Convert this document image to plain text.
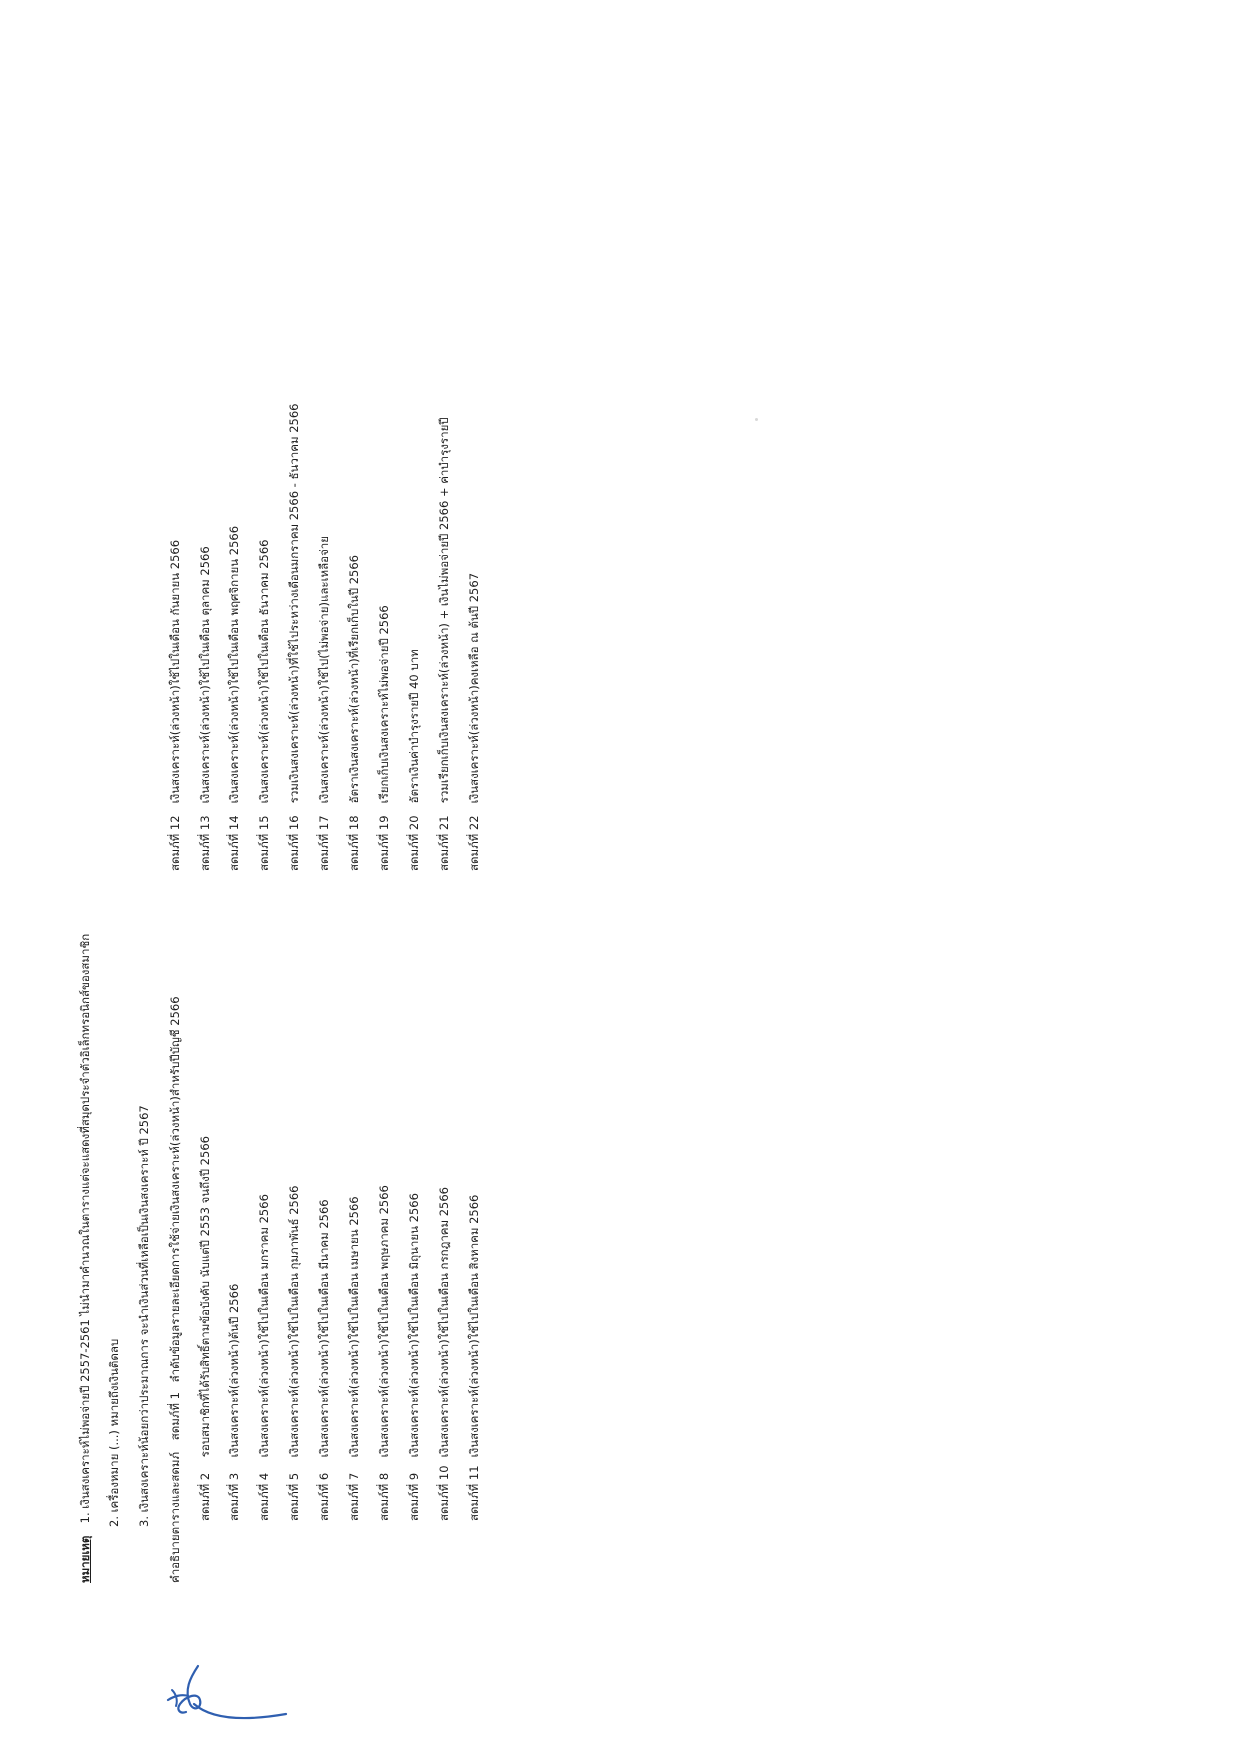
หมายเหตุ 1. เงินสงเคราะห์ไม่พอจ่ายปี 2557-2561 ไม่นำมาคำนวณในตารางแต่จะแสดงที่สมุดประจำตัวอิเล็กทรอนิกส์ของสมาชิก 2. เครื่องหมาย (...) หมายถึงเงินติดลบ 3. เงินสงเคราะห์น้อยกว่าประมาณการ จะนำเงินส่วนที่เหลือเป็นเงินสงเคราะห์ ปี 2567 คำอธิบายตารางและสดมภ์ สดมภ์ที่ 1 ลำดับข้อมูลรายละเอียดการใช้จ่ายเงินสงเคราะห์(ล่วงหน้า)สำหรับปีบัญชี 2566
สดมภ์ที่ 2 รอบสมาชิกที่ได้รับสิทธิ์ตามข้อบังคับ นับแต่ปี 2553 จนถึงปี 2566
สดมภ์ที่ 3 เงินสงเคราะห์(ล่วงหน้า)ต้นปี 2566
สดมภ์ที่ 4 เงินสงเคราะห์(ล่วงหน้า)ใช้ไปในเดือน มกราคม 2566
สดมภ์ที่ 5 เงินสงเคราะห์(ล่วงหน้า)ใช้ไปในเดือน กุมภาพันธ์ 2566
สดมภ์ที่ 6 เงินสงเคราะห์(ล่วงหน้า)ใช้ไปในเดือน มีนาคม 2566
สดมภ์ที่ 7 เงินสงเคราะห์(ล่วงหน้า)ใช้ไปในเดือน เมษายน 2566
สดมภ์ที่ 8 เงินสงเคราะห์(ล่วงหน้า)ใช้ไปในเดือน พฤษภาคม 2566
สดมภ์ที่ 9 เงินสงเคราะห์(ล่วงหน้า)ใช้ไปในเดือน มิถุนายน 2566
สดมภ์ที่ 10 เงินสงเคราะห์(ล่วงหน้า)ใช้ไปในเดือน กรกฎาคม 2566
สดมภ์ที่ 11 เงินสงเคราะห์(ล่วงหน้า)ใช้ไปในเดือน สิงหาคม 2566
สดมภ์ที่ 12 เงินสงเคราะห์(ล่วงหน้า)ใช้ไปในเดือน กันยายน 2566
สดมภ์ที่ 13 เงินสงเคราะห์(ล่วงหน้า)ใช้ไปในเดือน ตุลาคม 2566
สดมภ์ที่ 14 เงินสงเคราะห์(ล่วงหน้า)ใช้ไปในเดือน พฤศจิกายน 2566
สดมภ์ที่ 15 เงินสงเคราะห์(ล่วงหน้า)ใช้ไปในเดือน ธันวาคม 2566
สดมภ์ที่ 16 รวมเงินสงเคราะห์(ล่วงหน้า)ที่ใช้ไประหว่างเดือนมกราคม 2566 - ธันวาคม 2566
สดมภ์ที่ 17 เงินสงเคราะห์(ล่วงหน้า)ใช้ไป(ไม่พอจ่าย)และเหลือจ่าย
สดมภ์ที่ 18 อัตราเงินสงเคราะห์(ล่วงหน้า)ที่เรียกเก็บในปี 2566
สดมภ์ที่ 19 เรียกเก็บเงินสงเคราะห์ไม่พอจ่ายปี 2566
สดมภ์ที่ 20 อัตราเงินค่าบำรุงรายปี 40 บาท
สดมภ์ที่ 21 รวมเรียกเก็บเงินสงเคราะห์(ล่วงหน้า) + เงินไม่พอจ่ายปี 2566 + ค่าบำรุงรายปี
สดมภ์ที่ 22 เงินสงเคราะห์(ล่วงหน้า)คงเหลือ ณ ต้นปี 2567
